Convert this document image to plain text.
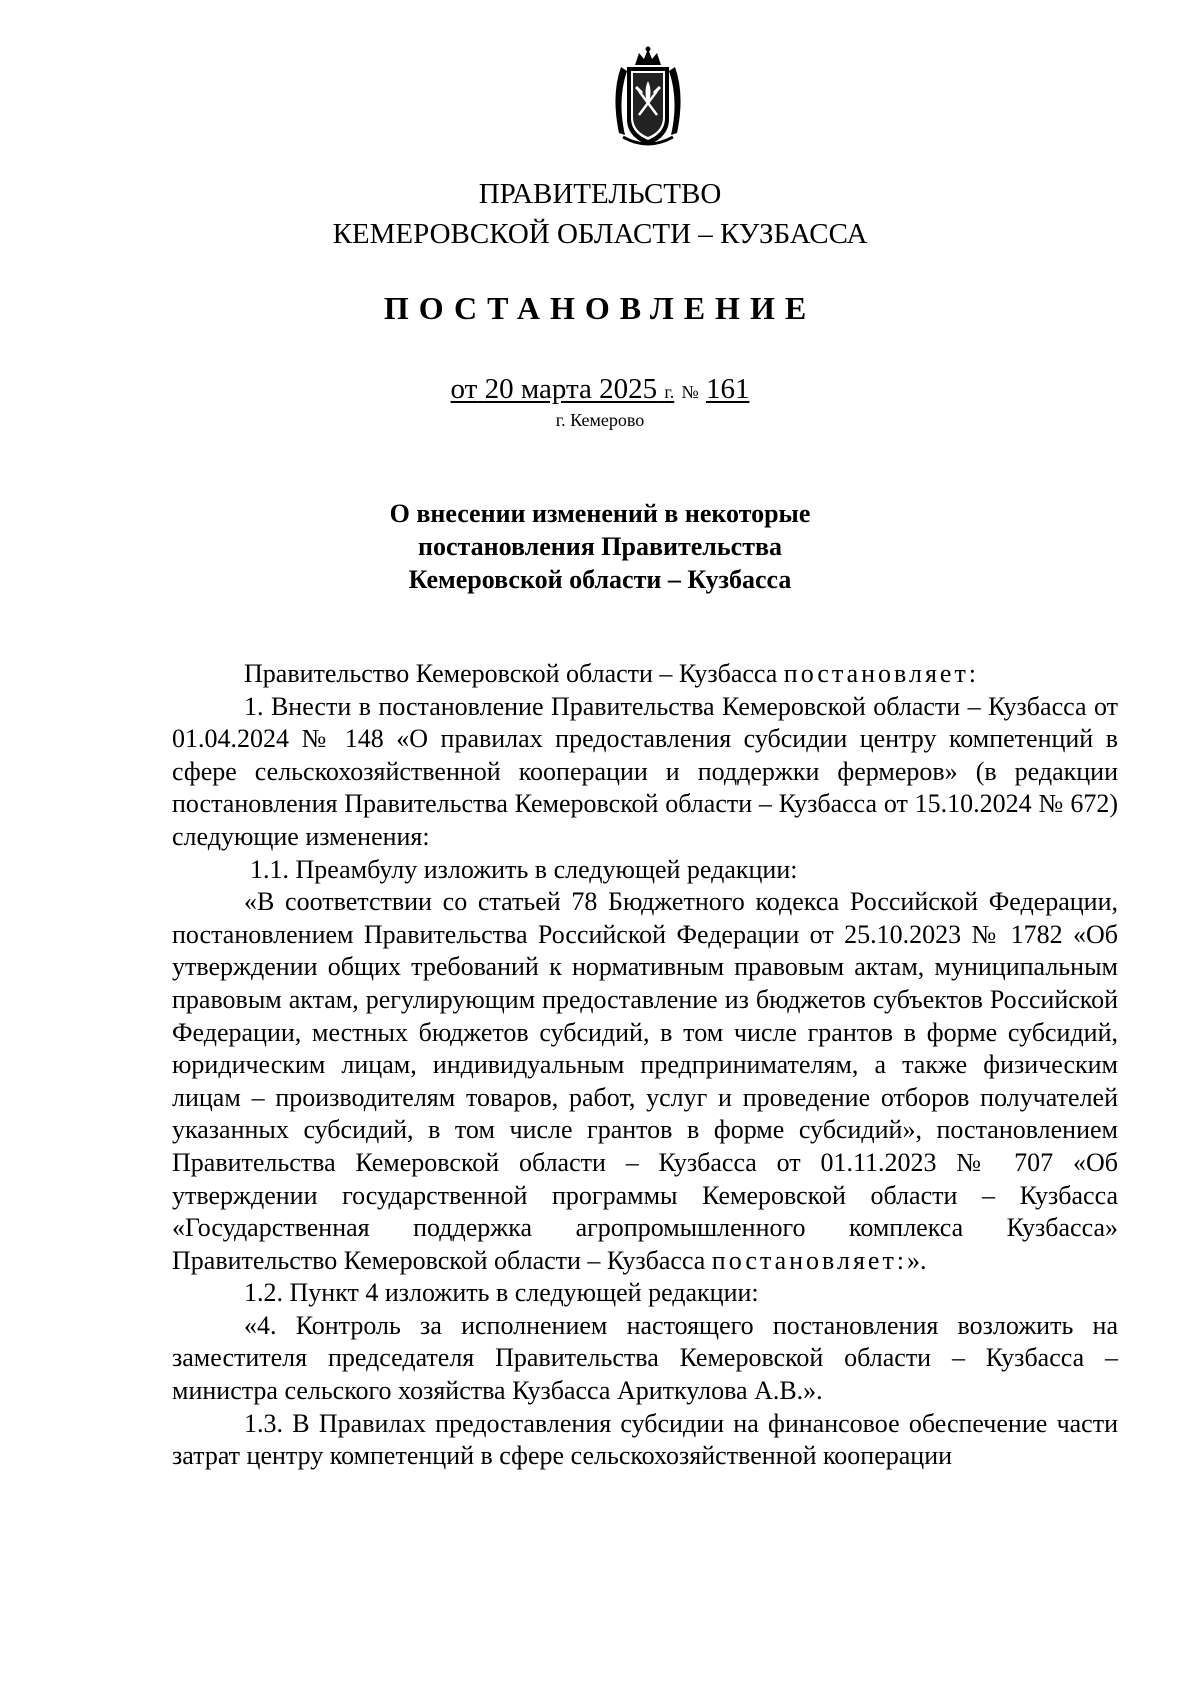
ПРАВИТЕЛЬСТВО
КЕМЕРОВСКОЙ ОБЛАСТИ – КУЗБАССА
ПОСТАНОВЛЕНИЕ
от 20 марта 2025 г. № 161
г. Кемерово
О внесении изменений в некоторые
постановления Правительства
Кемеровской области – Кузбасса

Правительство Кемеровской области – Кузбасса постановляет:

1. Внести в постановление Правительства Кемеровской области – Кузбасса от 01.04.2024 № 148 «О правилах предоставления субсидии центру компетенций в сфере сельскохозяйственной кооперации и поддержки фермеров» (в редакции постановления Правительства Кемеровской области – Кузбасса от 15.10.2024 № 672) следующие изменения:

1.1. Преамбулу изложить в следующей редакции:

«В соответствии со статьей 78 Бюджетного кодекса Российской Федерации, постановлением Правительства Российской Федерации от 25.10.2023 № 1782 «Об утверждении общих требований к нормативным правовым актам, муниципальным правовым актам, регулирующим предоставление из бюджетов субъектов Российской Федерации, местных бюджетов субсидий, в том числе грантов в форме субсидий, юридическим лицам, индивидуальным предпринимателям, а также физическим лицам – производителям товаров, работ, услуг и проведение отборов получателей указанных субсидий, в том числе грантов в форме субсидий», постановлением Правительства Кемеровской области – Кузбасса от 01.11.2023 № 707 «Об утверждении государственной программы Кемеровской области – Кузбасса «Государственная поддержка агропромышленного комплекса Кузбасса» Правительство Кемеровской области – Кузбасса постановляет:».

1.2. Пункт 4 изложить в следующей редакции:

«4. Контроль за исполнением настоящего постановления возложить на заместителя председателя Правительства Кемеровской области – Кузбасса – министра сельского хозяйства Кузбасса Ариткулова А.В.».

1.3. В Правилах предоставления субсидии на финансовое обеспечение части затрат центру компетенций в сфере сельскохозяйственной кооперации
